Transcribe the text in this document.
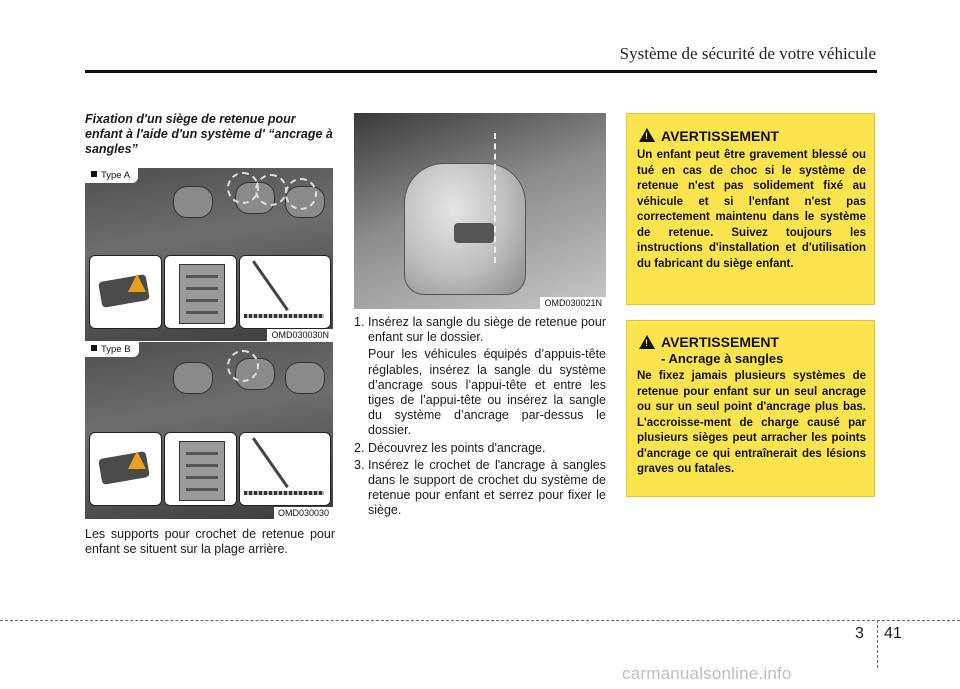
Système de sécurité de votre véhicule
Fixation d'un siège de retenue pour enfant à l'aide d'un système d' “ancrage à sangles”
Type A
OMD030030N
Type B
OMD030030
Les supports pour crochet de retenue pour enfant se situent sur la plage arrière.
OMD030021N
1. Insérez la sangle du siège de retenue pour enfant sur le dossier.
Pour les véhicules équipés d’appuis-tête réglables, insérez la sangle du système d’ancrage sous l’appui-tête et entre les tiges de l’appui-tête ou insérez la sangle du système d’ancrage par-dessus le dossier.
2. Découvrez les points d'ancrage.
3. Insérez le crochet de l'ancrage à sangles dans le support de crochet du système de retenue pour enfant et serrez pour fixer le siège.
! AVERTISSEMENT
Un enfant peut être gravement blessé ou tué en cas de choc si le système de retenue n'est pas solidement fixé au véhicule et si l'enfant n'est pas correctement maintenu dans le système de retenue. Suivez toujours les instructions d'installation et d'utilisation du fabricant du siège enfant.
! AVERTISSEMENT
- Ancrage à sangles
Ne fixez jamais plusieurs systèmes de retenue pour enfant sur un seul ancrage ou sur un seul point d'ancrage plus bas. L'accroisse-ment de charge causé par plusieurs sièges peut arracher les points d'ancrage ce qui entraînerait des lésions graves ou fatales.
3 41
carmanualsonline.info
